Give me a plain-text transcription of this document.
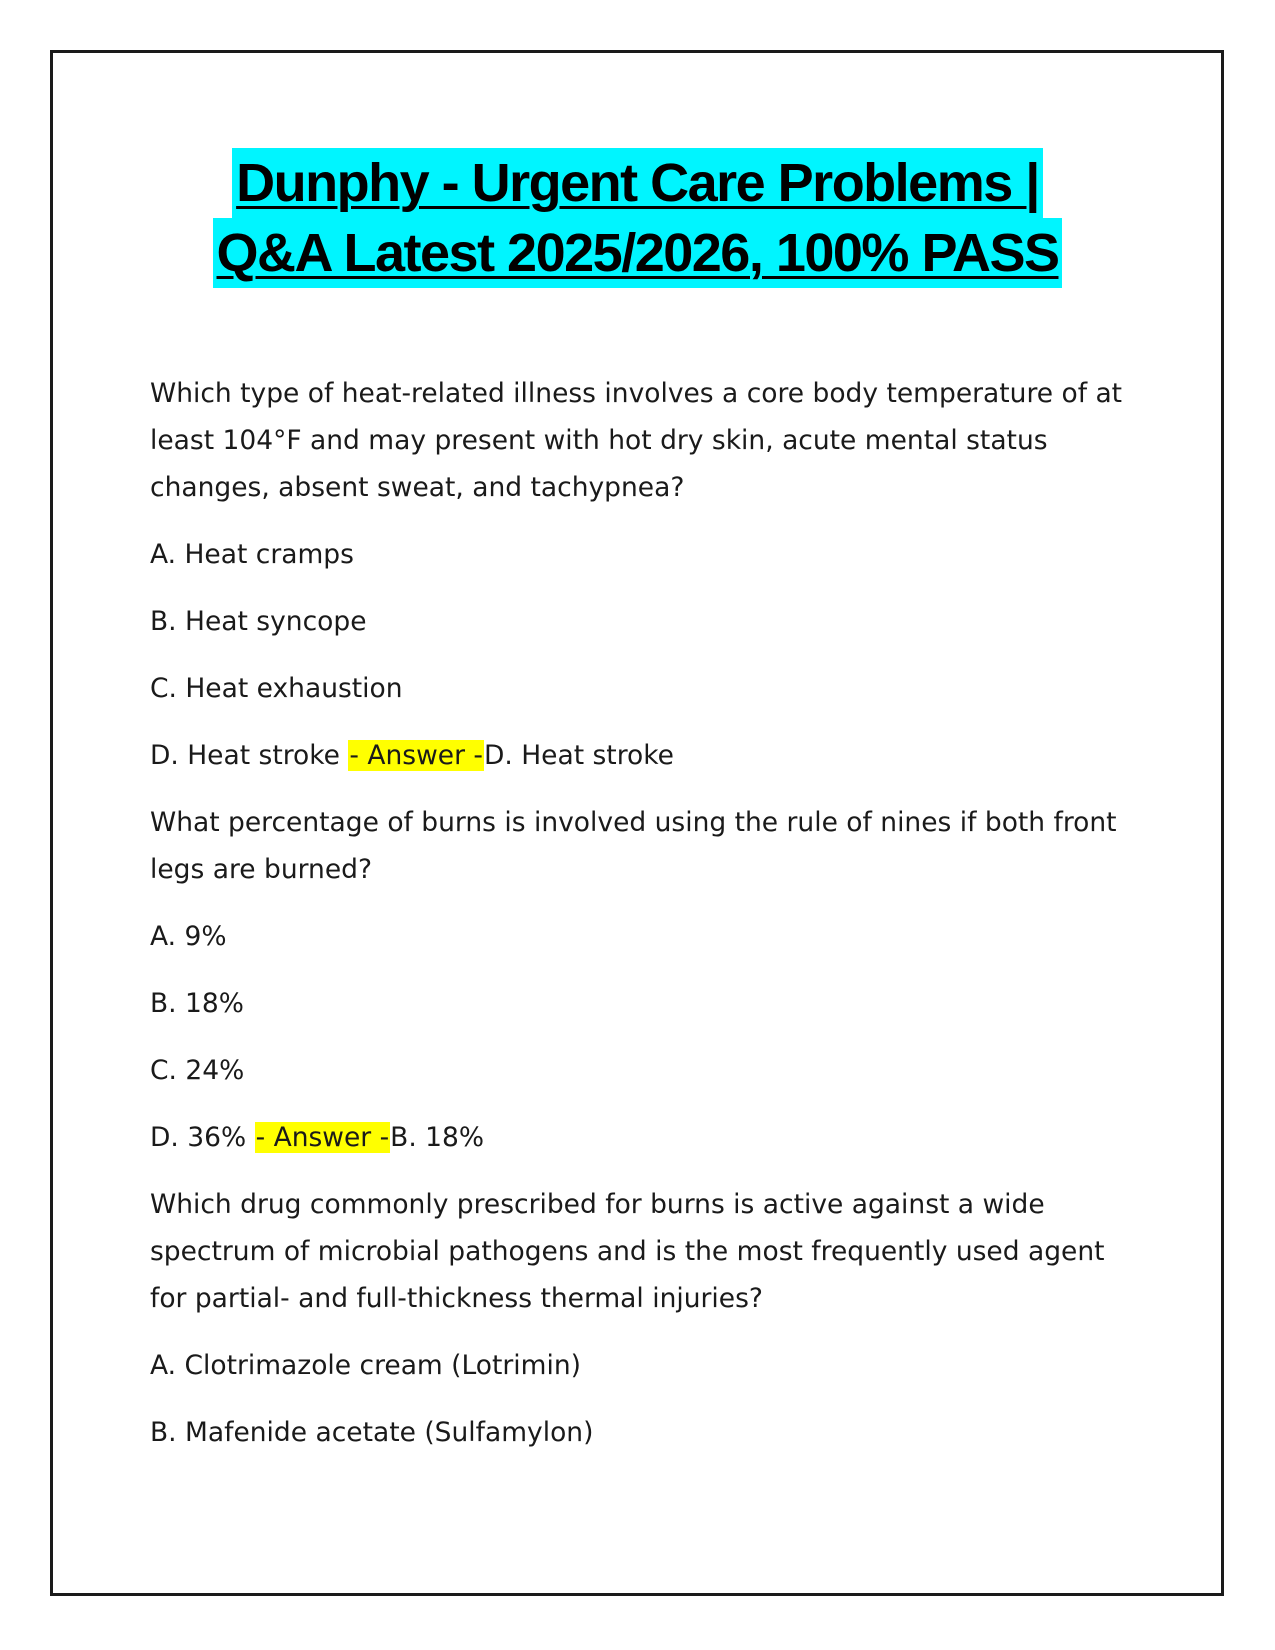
Dunphy - Urgent Care Problems |
Q&A Latest 2025/2026, 100% PASS
Which type of heat-related illness involves a core body temperature of at least 104°F and may present with hot dry skin, acute mental status changes, absent sweat, and tachypnea?
A. Heat cramps
B. Heat syncope
C. Heat exhaustion
D. Heat stroke - Answer -D. Heat stroke
What percentage of burns is involved using the rule of nines if both front legs are burned?
A. 9%
B. 18%
C. 24%
D. 36% - Answer -B. 18%
Which drug commonly prescribed for burns is active against a wide spectrum of microbial pathogens and is the most frequently used agent for partial- and full-thickness thermal injuries?
A. Clotrimazole cream (Lotrimin)
B. Mafenide acetate (Sulfamylon)
